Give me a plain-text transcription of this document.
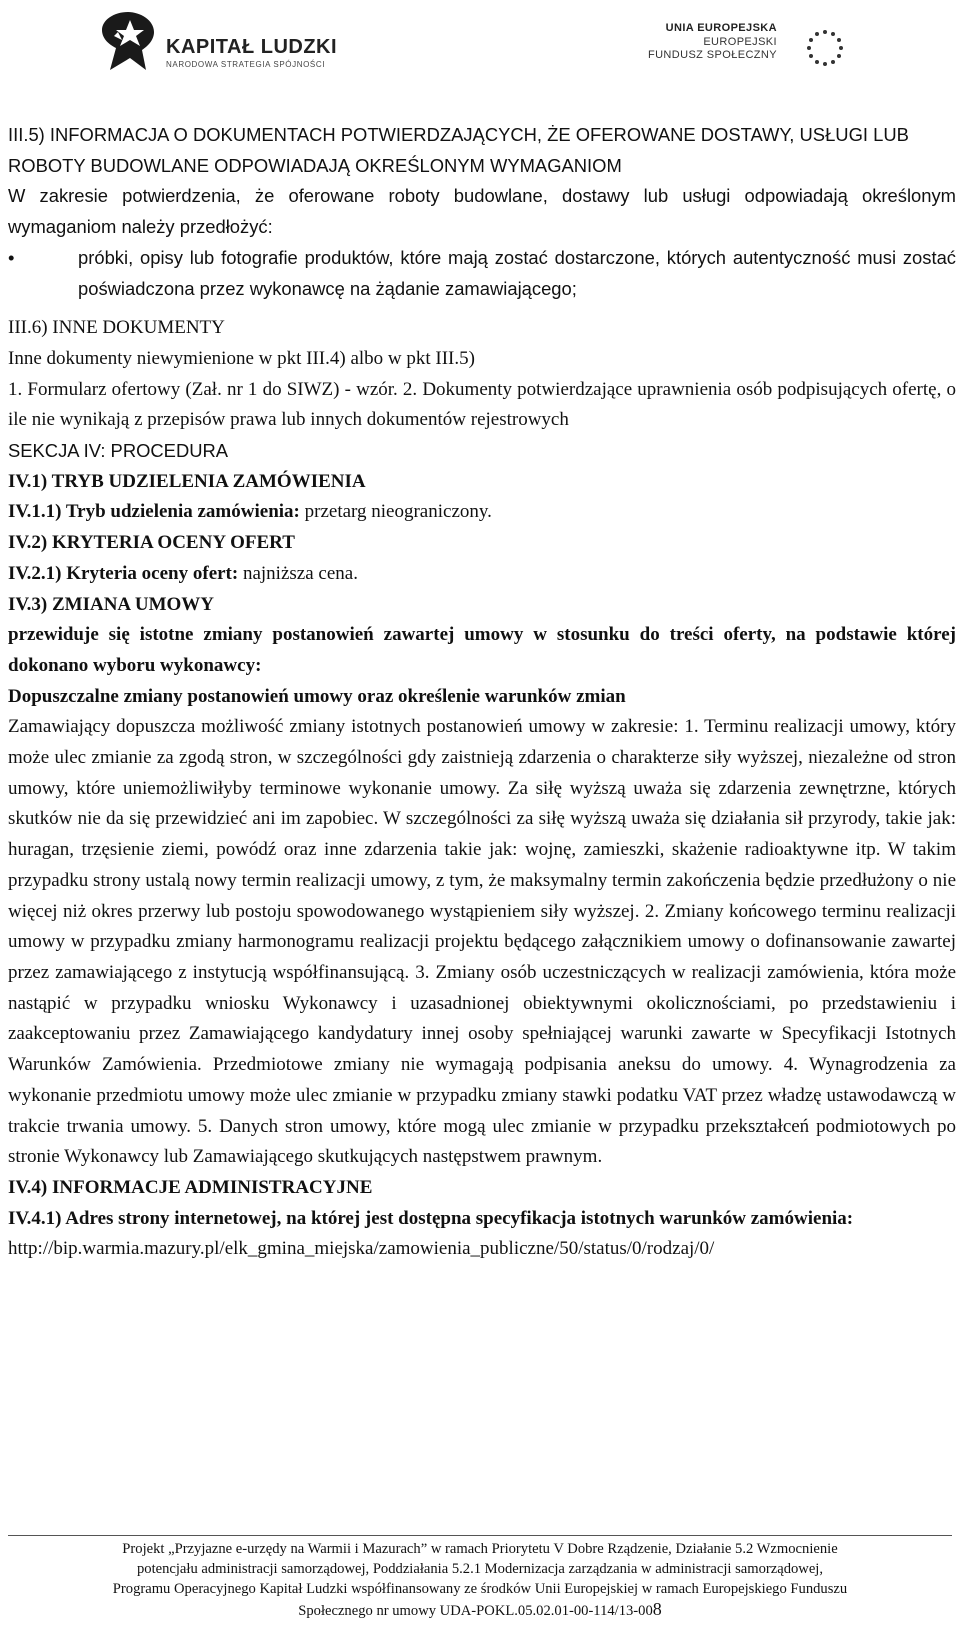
KAPITAŁ LUDZKI
NARODOWA STRATEGIA SPÓJNOŚCI
UNIA EUROPEJSKA
EUROPEJSKI
FUNDUSZ SPOŁECZNY

III.5) INFORMACJA O DOKUMENTACH POTWIERDZAJĄCYCH, ŻE OFEROWANE DOSTAWY, USŁUGI LUB ROBOTY BUDOWLANE ODPOWIADAJĄ OKREŚLONYM WYMAGANIOM

W zakresie potwierdzenia, że oferowane roboty budowlane, dostawy lub usługi odpowiadają określonym wymaganiom należy przedłożyć:

•	próbki, opisy lub fotografie produktów, które mają zostać dostarczone, których autentyczność musi zostać poświadczona przez wykonawcę na żądanie zamawiającego;

III.6) INNE DOKUMENTY

Inne dokumenty niewymienione w pkt III.4) albo w pkt III.5)

1. Formularz ofertowy (Zał. nr 1 do SIWZ) - wzór. 2. Dokumenty potwierdzające uprawnienia osób podpisujących ofertę, o ile nie wynikają z przepisów prawa lub innych dokumentów rejestrowych

SEKCJA IV: PROCEDURA

IV.1) TRYB UDZIELENIA ZAMÓWIENIA

IV.1.1) Tryb udzielenia zamówienia: przetarg nieograniczony.

IV.2) KRYTERIA OCENY OFERT

IV.2.1) Kryteria oceny ofert: najniższa cena.

IV.3) ZMIANA UMOWY

przewiduje się istotne zmiany postanowień zawartej umowy w stosunku do treści oferty, na podstawie której dokonano wyboru wykonawcy:

Dopuszczalne zmiany postanowień umowy oraz określenie warunków zmian

Zamawiający dopuszcza możliwość zmiany istotnych postanowień umowy w zakresie: 1. Terminu realizacji umowy, który może ulec zmianie za zgodą stron, w szczególności gdy zaistnieją zdarzenia o charakterze siły wyższej, niezależne od stron umowy, które uniemożliwiłyby terminowe wykonanie umowy. Za siłę wyższą uważa się zdarzenia zewnętrzne, których skutków nie da się przewidzieć ani im zapobiec. W szczególności za siłę wyższą uważa się działania sił przyrody, takie jak: huragan, trzęsienie ziemi, powódź oraz inne zdarzenia takie jak: wojnę, zamieszki, skażenie radioaktywne itp. W takim przypadku strony ustalą nowy termin realizacji umowy, z tym, że maksymalny termin zakończenia będzie przedłużony o nie więcej niż okres przerwy lub postoju spowodowanego wystąpieniem siły wyższej. 2. Zmiany końcowego terminu realizacji umowy w przypadku zmiany harmonogramu realizacji projektu będącego załącznikiem umowy o dofinansowanie zawartej przez zamawiającego z instytucją współfinansującą. 3. Zmiany osób uczestniczących w realizacji zamówienia, która może nastąpić w przypadku wniosku Wykonawcy i uzasadnionej obiektywnymi okolicznościami, po przedstawieniu i zaakceptowaniu przez Zamawiającego kandydatury innej osoby spełniającej warunki zawarte w Specyfikacji Istotnych Warunków Zamówienia. Przedmiotowe zmiany nie wymagają podpisania aneksu do umowy. 4. Wynagrodzenia za wykonanie przedmiotu umowy może ulec zmianie w przypadku zmiany stawki podatku VAT przez władzę ustawodawczą w trakcie trwania umowy. 5. Danych stron umowy, które mogą ulec zmianie w przypadku przekształceń podmiotowych po stronie Wykonawcy lub Zamawiającego skutkujących następstwem prawnym.

IV.4) INFORMACJE ADMINISTRACYJNE

IV.4.1) Adres strony internetowej, na której jest dostępna specyfikacja istotnych warunków zamówienia:

http://bip.warmia.mazury.pl/elk_gmina_miejska/zamowienia_publiczne/50/status/0/rodzaj/0/

Projekt „Przyjazne e-urzędy na Warmii i Mazurach” w ramach Priorytetu V Dobre Rządzenie, Działanie 5.2 Wzmocnienie

potencjału administracji samorządowej, Poddziałania 5.2.1 Modernizacja zarządzania w administracji samorządowej,

Programu Operacyjnego Kapitał Ludzki współfinansowany ze środków Unii Europejskiej w ramach Europejskiego Funduszu

Społecznego nr umowy UDA-POKL.05.02.01-00-114/13-008
